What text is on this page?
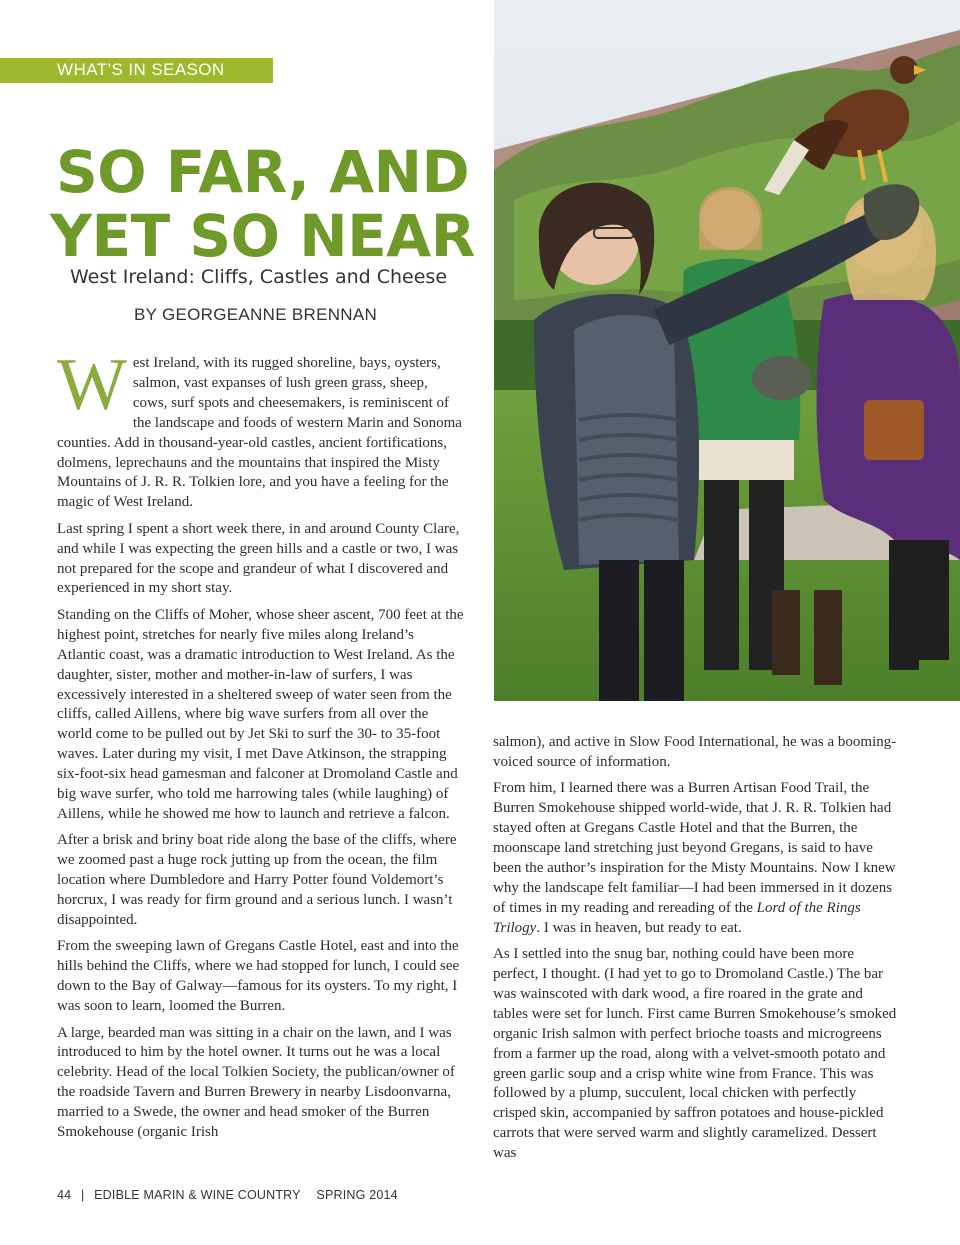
WHAT’S IN SEASON
SO FAR, AND
YET SO NEAR
West Ireland: Cliffs, Castles and Cheese
BY GEORGEANNE BRENNAN

West Ireland, with its rugged shoreline, bays, oysters, salmon, vast expanses of lush green grass, sheep, cows, surf spots and cheesemakers, is reminiscent of the landscape and foods of western Marin and Sonoma counties. Add in thousand-year-old castles, ancient fortifications, dolmens, leprechauns and the mountains that inspired the Misty Mountains of J. R. R. Tolkien lore, and you have a feeling for the magic of West Ireland.

Last spring I spent a short week there, in and around County Clare, and while I was expecting the green hills and a castle or two, I was not prepared for the scope and grandeur of what I discovered and experienced in my short stay.

Standing on the Cliffs of Moher, whose sheer ascent, 700 feet at the highest point, stretches for nearly five miles along Ireland’s Atlantic coast, was a dramatic introduction to West Ireland. As the daughter, sister, mother and mother-in-law of surfers, I was excessively interested in a sheltered sweep of water seen from the cliffs, called Aillens, where big wave surfers from all over the world come to be pulled out by Jet Ski to surf the 30- to 35-foot waves. Later during my visit, I met Dave Atkinson, the strapping six-foot-six head gamesman and falconer at Dromoland Castle and big wave surfer, who told me harrowing tales (while laughing) of Aillens, while he showed me how to launch and retrieve a falcon.

After a brisk and briny boat ride along the base of the cliffs, where we zoomed past a huge rock jutting up from the ocean, the film location where Dumbledore and Harry Potter found Voldemort’s horcrux, I was ready for firm ground and a serious lunch. I wasn’t disappointed.

From the sweeping lawn of Gregans Castle Hotel, east and into the hills behind the Cliffs, where we had stopped for lunch, I could see down to the Bay of Galway—famous for its oysters. To my right, I was soon to learn, loomed the Burren.

A large, bearded man was sitting in a chair on the lawn, and I was introduced to him by the hotel owner. It turns out he was a local celebrity. Head of the local Tolkien Society, the publican/owner of the roadside Tavern and Burren Brewery in nearby Lisdoonvarna, married to a Swede, the owner and head smoker of the Burren Smokehouse (organic Irish

salmon), and active in Slow Food International, he was a booming-voiced source of information.

From him, I learned there was a Burren Artisan Food Trail, the Burren Smokehouse shipped world-wide, that J. R. R. Tolkien had stayed often at Gregans Castle Hotel and that the Burren, the moonscape land stretching just beyond Gregans, is said to have been the author’s inspiration for the Misty Mountains. Now I knew why the landscape felt familiar—I had been immersed in it dozens of times in my reading and rereading of the Lord of the Rings Trilogy. I was in heaven, but ready to eat.

As I settled into the snug bar, nothing could have been more perfect, I thought. (I had yet to go to Dromoland Castle.) The bar was wainscoted with dark wood, a fire roared in the grate and tables were set for lunch. First came Burren Smokehouse’s smoked organic Irish salmon with perfect brioche toasts and microgreens from a farmer up the road, along with a velvet-smooth potato and green garlic soup and a crisp white wine from France. This was followed by a plump, succulent, local chicken with perfectly crisped skin, accompanied by saffron potatoes and house-pickled carrots that were served warm and slightly caramelized. Dessert was

44 | EDIBLE MARIN & WINE COUNTRY SPRING 2014
